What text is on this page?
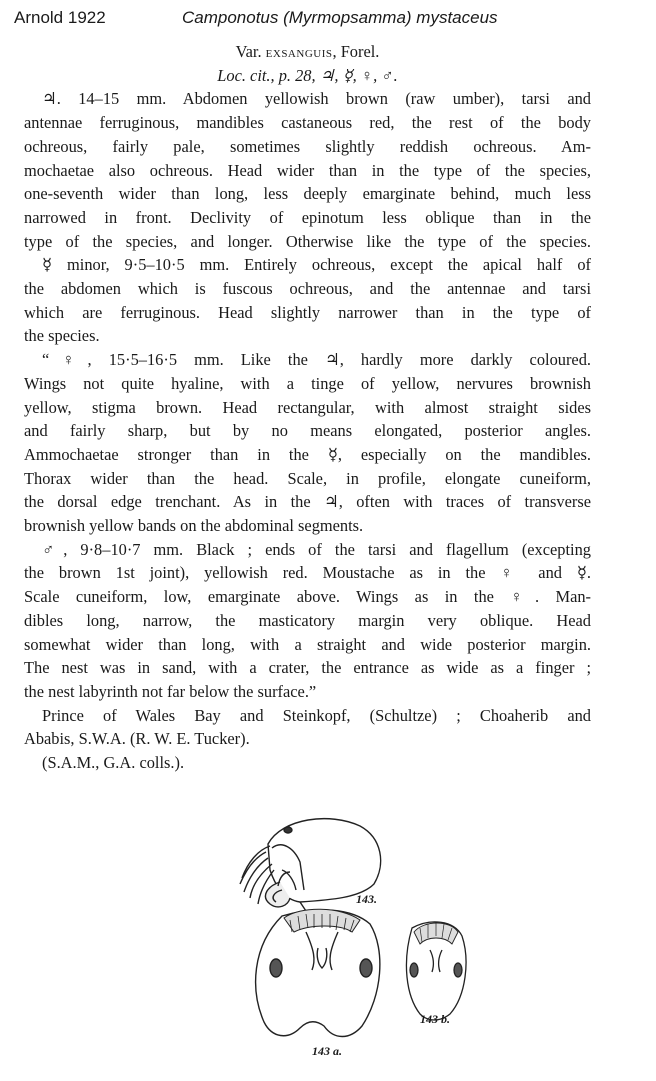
Arnold 1922	Camponotus (Myrmopsamma) mystaceus

Var. exsanguis, Forel.

Loc. cit., p. 28, ♃, ☿, ♀, ♂.

♃. 14–15 mm. Abdomen yellowish brown (raw umber), tarsi and

antennae ferruginous, mandibles castaneous red, the rest of the body

ochreous, fairly pale, sometimes slightly reddish ochreous. Am-

mochaetae also ochreous. Head wider than in the type of the species,

one-seventh wider than long, less deeply emarginate behind, much less

narrowed in front. Declivity of epinotum less oblique than in the

type of the species, and longer. Otherwise like the type of the species.

☿ minor, 9·5–10·5 mm. Entirely ochreous, except the apical half of

the abdomen which is fuscous ochreous, and the antennae and tarsi

which are ferruginous. Head slightly narrower than in the type of

the species.

“♀, 15·5–16·5 mm. Like the ♃, hardly more darkly coloured.

Wings not quite hyaline, with a tinge of yellow, nervures brownish

yellow, stigma brown. Head rectangular, with almost straight sides

and fairly sharp, but by no means elongated, posterior angles.

Ammochaetae stronger than in the ☿, especially on the mandibles.

Thorax wider than the head. Scale, in profile, elongate cuneiform,

the dorsal edge trenchant. As in the ♃, often with traces of transverse

brownish yellow bands on the abdominal segments.

♂, 9·8–10·7 mm. Black ; ends of the tarsi and flagellum (excepting

the brown 1st joint), yellowish red. Moustache as in the ♀ and ☿.

Scale cuneiform, low, emarginate above. Wings as in the ♀. Man-

dibles long, narrow, the masticatory margin very oblique. Head

somewhat wider than long, with a straight and wide posterior margin.

The nest was in sand, with a crater, the entrance as wide as a finger ;

the nest labyrinth not far below the surface.”

Prince of Wales Bay and Steinkopf, (Schultze) ; Choaherib and

Ababis, S.W.A. (R. W. E. Tucker).

(S.A.M., G.A. colls.).

143.
143 a.
143 b.
